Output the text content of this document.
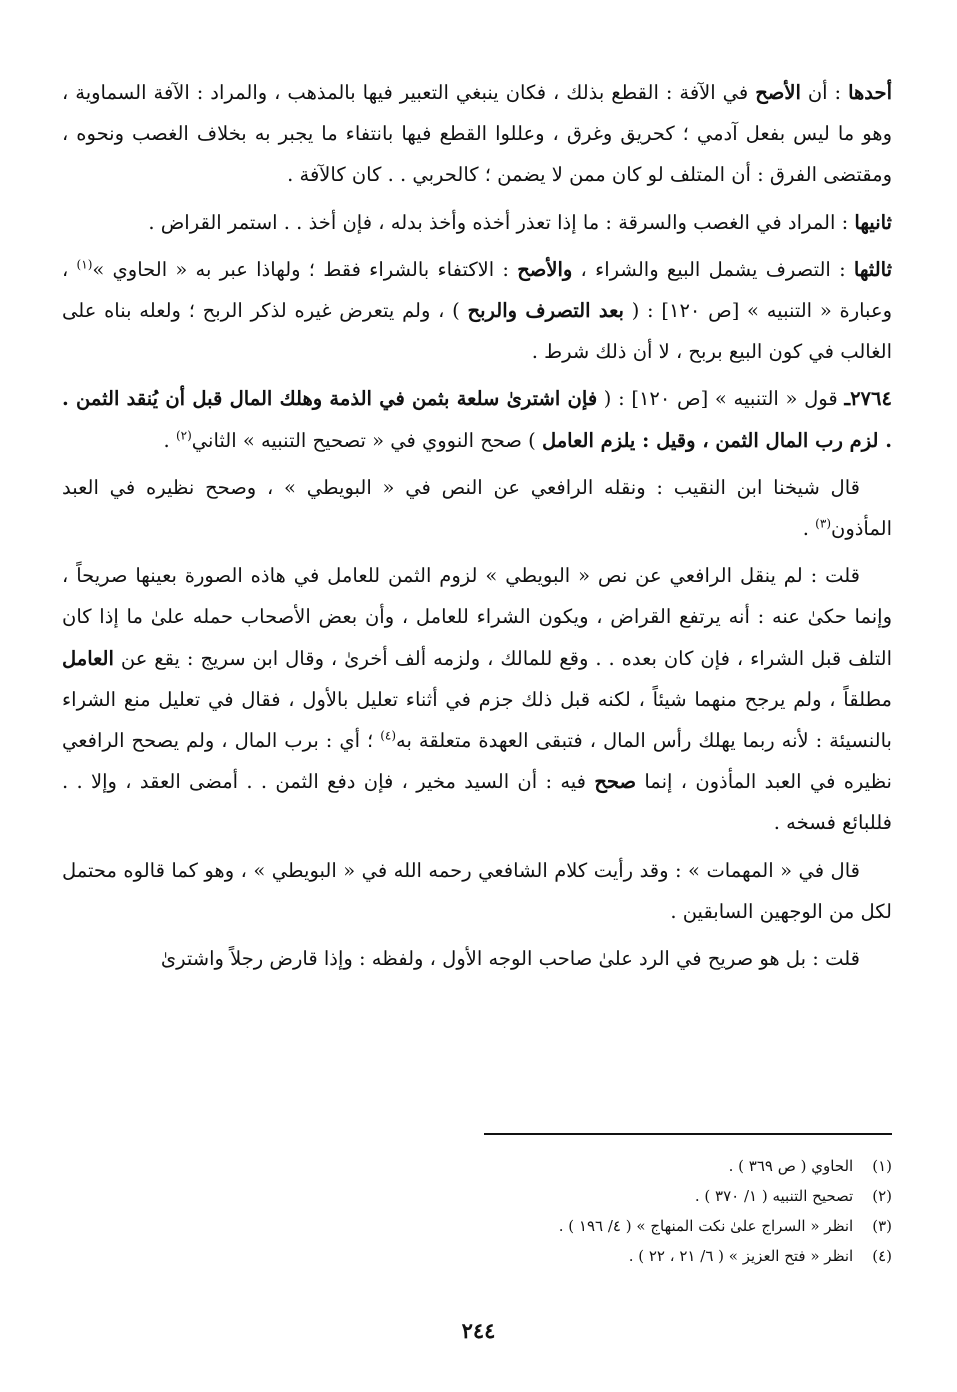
أحدها : أن الأصح في الآفة : القطع بذلك ، فكان ينبغي التعبير فيها بالمذهب ، والمراد : الآفة السماوية ، وهو ما ليس بفعل آدمي ؛ كحريق وغرق ، وعللوا القطع فيها بانتفاء ما يجبر به بخلاف الغصب ونحوه ، ومقتضى الفرق : أن المتلف لو كان ممن لا يضمن ؛ كالحربي . . كان كالآفة .

ثانيها : المراد في الغصب والسرقة : ما إذا تعذر أخذه وأخذ بدله ، فإن أخذ . . استمر القراض .

ثالثها : التصرف يشمل البيع والشراء ، والأصح : الاكتفاء بالشراء فقط ؛ ولهاذا عبر به « الحاوي »$^{(١)}$ ، وعبارة « التنبيه » [ص ١٢٠] : ( بعد التصرف والربح ) ، ولم يتعرض غيره لذكر الربح ؛ ولعله بناه على الغالب في كون البيع بربح ، لا أن ذلك شرط .

٢٧٦٤ـ قول « التنبيه » [ص ١٢٠] : ( فإن اشترىٰ سلعة بثمن في الذمة وهلك المال قبل أن يُنقد الثمن . . لزم رب المال الثمن ، وقيل : يلزم العامل ) صحح النووي في « تصحيح التنبيه » الثاني$^{(٢)}$ .

قال شيخنا ابن النقيب : ونقله الرافعي عن النص في « البويطي » ، وصحح نظيره في العبد المأذون$^{(٣)}$ .

قلت : لم ينقل الرافعي عن نص « البويطي » لزوم الثمن للعامل في هاذه الصورة بعينها صريحاً ، وإنما حكىٰ عنه : أنه يرتفع القراض ، ويكون الشراء للعامل ، وأن بعض الأصحاب حمله علىٰ ما إذا كان التلف قبل الشراء ، فإن كان بعده . . وقع للمالك ، ولزمه ألف أخرىٰ ، وقال ابن سريج : يقع عن العامل مطلقاً ، ولم يرجح منهما شيئاً ، لكنه قبل ذلك جزم في أثناء تعليل بالأول ، فقال في تعليل منع الشراء بالنسيئة : لأنه ربما يهلك رأس المال ، فتبقى العهدة متعلقة به$^{(٤)}$ ؛ أي : برب المال ، ولم يصحح الرافعي نظيره في العبد المأذون ، إنما صحح فيه : أن السيد مخير ، فإن دفع الثمن . . أمضى العقد ، وإلا . . فللبائع فسخه .

قال في « المهمات » : وقد رأيت كلام الشافعي رحمه الله في « البويطي » ، وهو كما قالوه محتمل لكل من الوجهين السابقين .

قلت : بل هو صريح في الرد علىٰ صاحب الوجه الأول ، ولفظه : وإذا قارض رجلاً واشترىٰ

(١) الحاوي ( ص ٣٦٩ ) .

(٢) تصحيح التنبيه ( ١/ ٣٧٠ ) .

(٣) انظر « السراج علىٰ نكت المنهاج » ( ٤/ ١٩٦ ) .

(٤) انظر « فتح العزيز » ( ٦/ ٢١ ، ٢٢ ) .

٢٤٤
